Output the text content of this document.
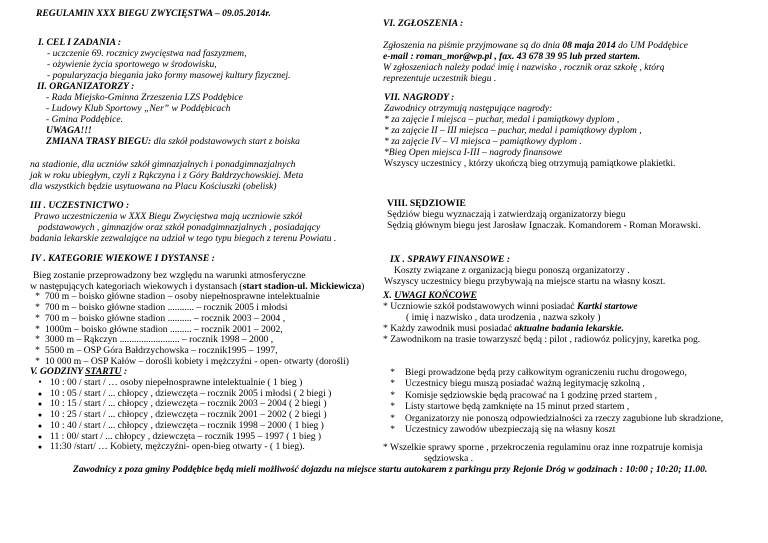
REGULAMIN XXX BIEGU ZWYCIĘSTWA – 09.05.2014r.
I. CEL I ZADANIA :
- uczczenie 69. rocznicy zwycięstwa nad faszyzmem,
- ożywienie życia sportowego w środowisku,
- popularyzacja biegania jako formy masowej kultury fizycznej.
II. ORGANIZATORZY :
- Rada Miejsko-Gminna Zrzeszenia LZS Poddębice
- Ludowy Klub Sportowy „Ner” w Poddębicach
- Gmina Poddębice.
UWAGA!!!
ZMIANA TRASY BIEGU: dla szkół podstawowych start z boiska
na stadionie, dla uczniów szkół gimnazjalnych i ponadgimnazjalnych
jak w roku ubiegłym, czyli z Rąkczyna i z Góry Bałdrzychowskiej. Meta
dla wszystkich będzie usytuowana na Placu Kościuszki (obelisk)
III . UCZESTNICTWO :
Prawo uczestniczenia w XXX Biegu Zwycięstwa mają uczniowie szkół
podstawowych , gimnazjów oraz szkół ponadgimnazjalnych , posiadający
badania lekarskie zezwalające na udział w tego typu biegach z terenu Powiatu .
IV . KATEGORIE WIEKOWE I DYSTANSE :
Bieg zostanie przeprowadzony bez względu na warunki atmosferyczne
w następujących kategoriach wiekowych i dystansach (start stadion-ul. Mickiewicza)
* 700 m – boisko główne stadion – osoby niepełnosprawne intelektualnie
* 700 m – boisko główne stadion ........... – rocznik 2005 i młodsi
* 700 m – boisko główne stadion .......... – rocznik 2003 – 2004 ,
* 1000m – boisko główne stadion ......... – rocznik 2001 – 2002,
* 3000 m – Rąkczyn ......................... – rocznik 1998 – 2000 ,
* 5500 m – OSP Góra Bałdrzychowska – rocznik1995 – 1997,
* 10 000 m – OSP Kałów – dorośli kobiety i mężczyźni - open- otwarty (dorośli)
V. GODZINY STARTU :
• 10 : 00 / start / … osoby niepełnosprawne intelektualnie ( 1 bieg )
● 10 : 05 / start / ... chłopcy , dziewczęta – rocznik 2005 i młodsi ( 2 biegi )
● 10 : 15 / start / ... chłopcy , dziewczęta – rocznik 2003 – 2004 ( 2 biegi )
● 10 : 25 / start / ... chłopcy , dziewczęta – rocznik 2001 – 2002 ( 2 biegi )
● 10 : 40 / start / ... chłopcy , dziewczęta – rocznik 1998 – 2000 ( 1 bieg )
● 11 : 00/ start / ... chłopcy , dziewczęta – rocznik 1995 – 1997 ( 1 bieg )
● 11:30 /start/ … Kobiety, mężczyźni- open-bieg otwarty - ( 1 bieg).
VI. ZGŁOSZENIA :
Zgłoszenia na piśmie przyjmowane są do dnia 08 maja 2014 do UM Poddębice
e-mail : roman_mor@wp.pl , fax. 43 678 39 95 lub przed startem.
W zgłoszeniach należy podać imię i nazwisko , rocznik oraz szkołę , którą
reprezentuje uczestnik biegu .
VII. NAGRODY :
Zawodnicy otrzymują następujące nagrody:
* za zajęcie I miejsca – puchar, medal i pamiątkowy dyplom ,
* za zajęcie II – III miejsca – puchar, medal i pamiątkowy dyplom ,
* za zajęcie IV – VI miejsca – pamiątkowy dyplom .
*Bieg Open miejsca I-III – nagrody finansowe
Wszyscy uczestnicy , którzy ukończą bieg otrzymują pamiątkowe plakietki.
VIII. SĘDZIOWIE
Sędziów biegu wyznaczają i zatwierdzają organizatorzy biegu
Sędzią głównym biegu jest Jarosław Ignaczak. Komandorem - Roman Morawski.
IX . SPRAWY FINANSOWE :
Koszty związane z organizacją biegu ponoszą organizatorzy .
Wszyscy uczestnicy biegu przybywają na miejsce startu na własny koszt.
X. UWAGI KOŃCOWE
* Uczniowie szkół podstawowych winni posiadać Kartki startowe
( imię i nazwisko , data urodzenia , nazwa szkoły )
* Każdy zawodnik musi posiadać aktualne badania lekarskie.
* Zawodnikom na trasie towarzyszć będą : pilot , radiowóz policyjny, karetka pog.
* Biegi prowadzone będą przy całkowitym ograniczeniu ruchu drogowego,
* Uczestnicy biegu muszą posiadać ważną legitymację szkolną ,
* Komisje sędziowskie będą pracować na 1 godzinę przed startem ,
* Listy startowe będą zamknięte na 15 minut przed startem ,
* Organizatorzy nie ponoszą odpowiedzialności za rzeczy zagubione lub skradzione,
* Uczestnicy zawodów ubezpieczają się na własny koszt
* Wszelkie sprawy sporne , przekroczenia regulaminu oraz inne rozpatruje komisja
sędziowska .
Zawodnicy z poza gminy Poddębice będą mieli możliwość dojazdu na miejsce startu autokarem z parkingu przy Rejonie Dróg w godzinach : 10:00 ; 10:20; 11.00.
